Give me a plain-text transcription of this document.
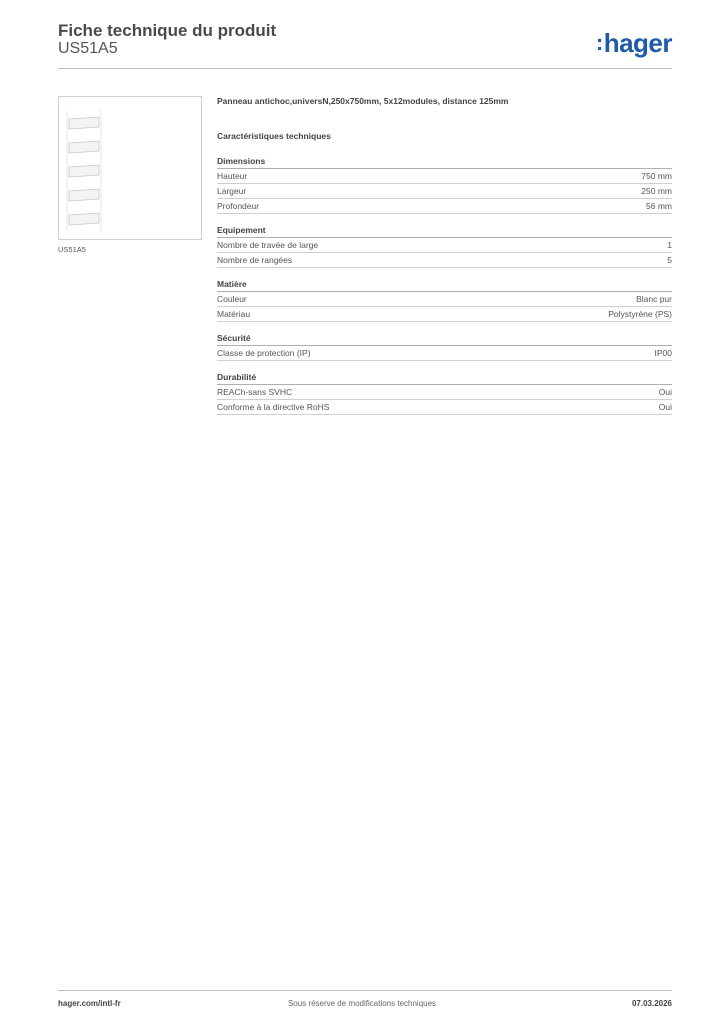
Fiche technique du produit
US51A5	:hager
US51A5
Panneau antichoc,universN,250x750mm, 5x12modules, distance 125mm
Caractéristiques techniques
Dimensions
Hauteur	750 mm
Largeur	250 mm
Profondeur	56 mm
Equipement
Nombre de travée de large	1
Nombre de rangées	5
Matière
Couleur	Blanc pur
Matériau	Polystyrène (PS)
Sécurité
Classe de protection (IP)	IP00
Durabilité
REACh-sans SVHC	Oui
Conforme à la directive RoHS	Oui
hager.com/intl-fr	Sous réserve de modifications techniques	07.03.2026
